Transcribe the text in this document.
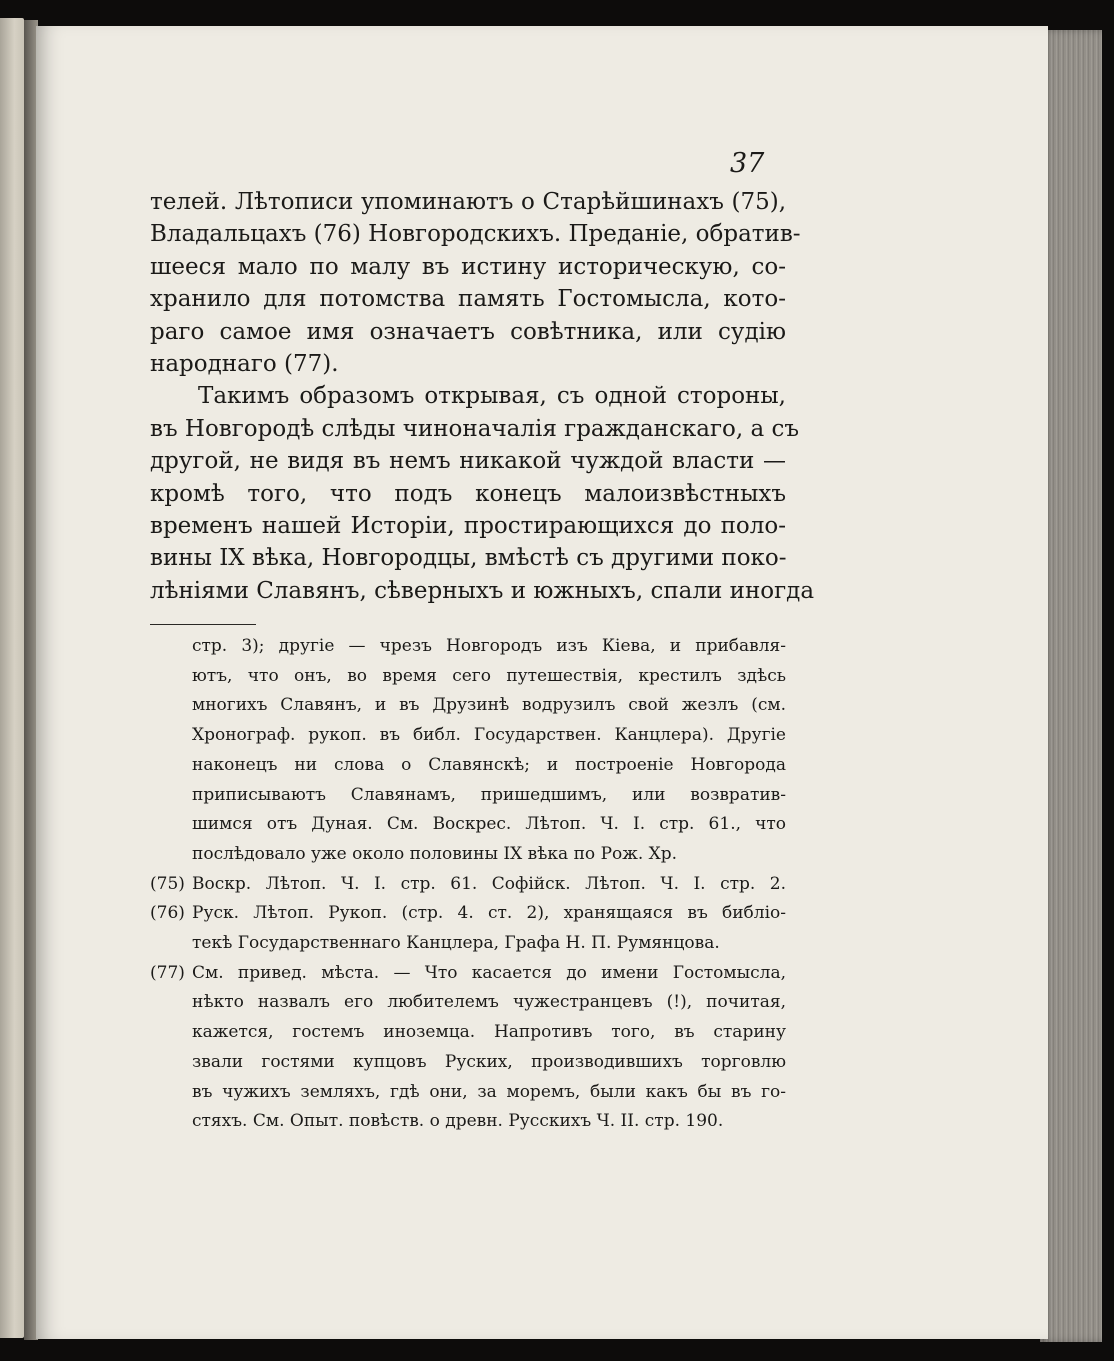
37
телей. Лѣтописи упоминаютъ о Старѣйшинахъ (75),
Владальцахъ (76) Новгородскихъ. Преданіе, обратив-
шееся мало по малу въ истину историческую, со-
хранило для потомства память Гостомысла, кото-
раго самое имя означаетъ совѣтника, или судію
народнаго (77).
Такимъ образомъ открывая, съ одной стороны,
въ Новгородѣ слѣды чиноначалія гражданскаго, а съ
другой, не видя въ немъ никакой чуждой власти —
кромѣ того, что подъ конецъ малоизвѣстныхъ
временъ нашей Исторіи, простирающихся до поло-
вины IX вѣка, Новгородцы, вмѣстѣ съ другими поко-
лѣніями Славянъ, сѣверныхъ и южныхъ, спали иногда
стр. 3); другіе — чрезъ Новгородъ изъ Кіева, и прибавля-
ютъ, что онъ, во время сего путешествія, крестилъ здѣсь
многихъ Славянъ, и въ Друзинѣ водрузилъ свой жезлъ (см.
Хронограф. рукоп. въ библ. Государствен. Канцлера). Другіе
наконецъ ни слова о Славянскѣ; и построеніе Новгорода
приписываютъ Славянамъ, пришедшимъ, или возвратив-
шимся отъ Дуная. См. Воскрес. Лѣтоп. Ч. I. стр. 61., что
послѣдовало уже около половины IX вѣка по Рож. Хр.
(75) Воскр. Лѣтоп. Ч. I. стр. 61. Софійск. Лѣтоп. Ч. I. стр. 2.
(76) Руск. Лѣтоп. Рукоп. (стр. 4. ст. 2), хранящаяся въ библіо-
текѣ Государственнаго Канцлера, Графа Н. П. Румянцова.
(77) См. привед. мѣста. — Что касается до имени Гостомысла,
нѣкто назвалъ его любителемъ чужестранцевъ (!), почитая,
кажется, гостемъ иноземца. Напротивъ того, въ старину
звали гостями купцовъ Руских, производившихъ торговлю
въ чужихъ земляхъ, гдѣ они, за моремъ, были какъ бы въ го-
стяхъ. См. Опыт. повѣств. о древн. Русскихъ Ч. II. стр. 190.
